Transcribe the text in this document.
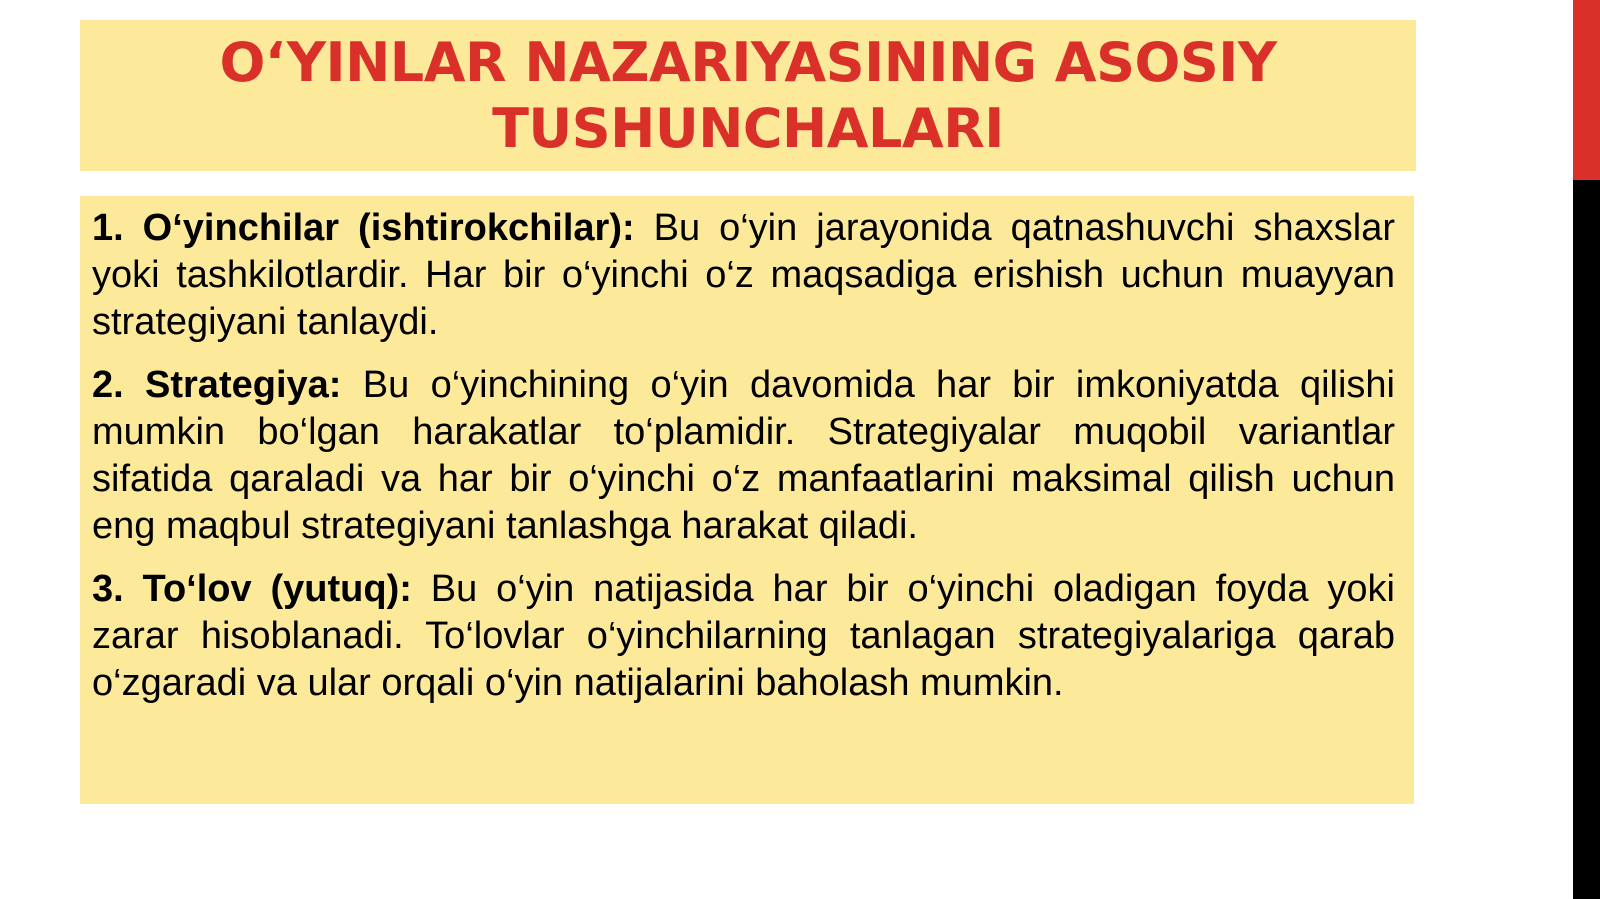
O‘YINLAR NAZARIYASINING ASOSIY
TUSHUNCHALARI

1. O‘yinchilar (ishtirokchilar): Bu o‘yin jarayonida qatnashuvchi shaxslar yoki tashkilotlardir. Har bir o‘yinchi o‘z maqsadiga erishish uchun muayyan strategiyani tanlaydi.

2. Strategiya: Bu o‘yinchining o‘yin davomida har bir imkoniyatda qilishi mumkin bo‘lgan harakatlar to‘plamidir. Strategiyalar muqobil variantlar sifatida qaraladi va har bir o‘yinchi o‘z manfaatlarini maksimal qilish uchun eng maqbul strategiyani tanlashga harakat qiladi.

3. To‘lov (yutuq): Bu o‘yin natijasida har bir o‘yinchi oladigan foyda yoki zarar hisoblanadi. To‘lovlar o‘yinchilarning tanlagan strategiyalariga qarab o‘zgaradi va ular orqali o‘yin natijalarini baholash mumkin.
